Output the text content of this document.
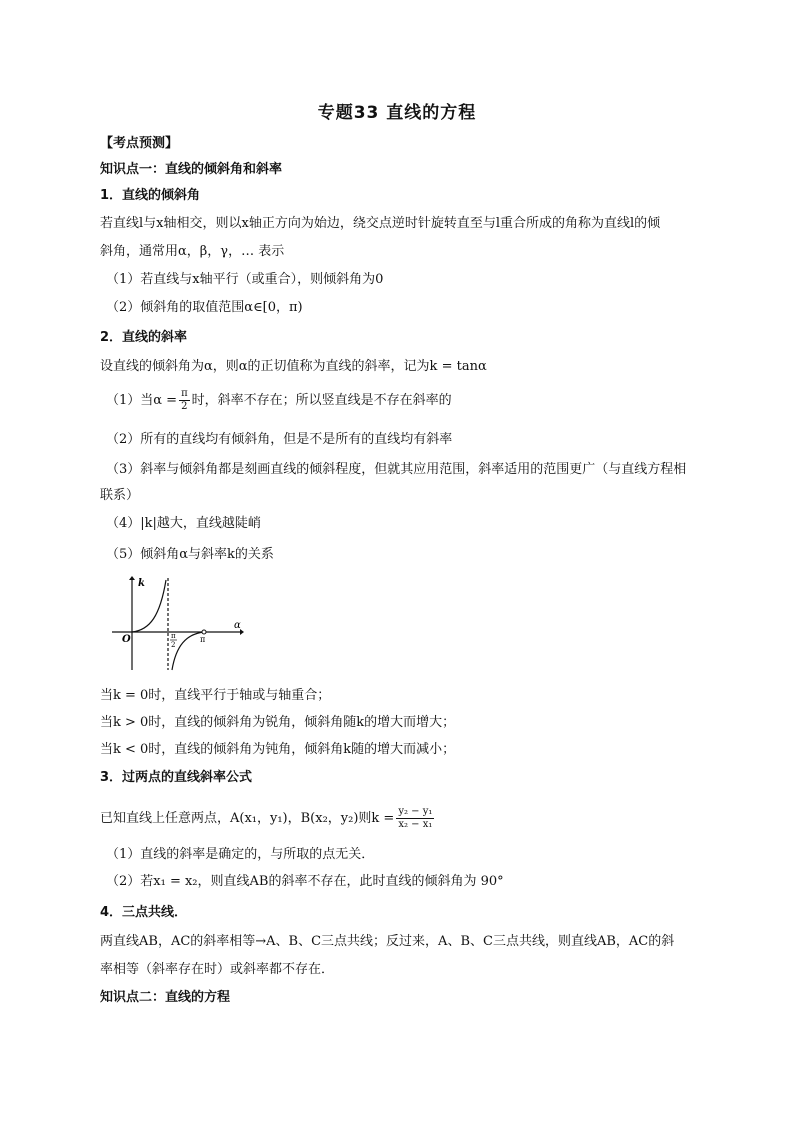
专题33 直线的方程
【考点预测】
知识点一：直线的倾斜角和斜率
1．直线的倾斜角
若直线l与x轴相交，则以x轴正方向为始边，绕交点逆时针旋转直至与l重合所成的角称为直线l的倾
斜角，通常用α，β，γ，… 表示
（1）若直线与x轴平行（或重合），则倾斜角为0
（2）倾斜角的取值范围α∈[0，π)
2．直线的斜率
设直线的倾斜角为α，则α的正切值称为直线的斜率，记为k = tanα
（1）当$\alpha = \frac{\pi}{2}$ 时，斜率不存在；所以竖直线是不存在斜率的
（2）所有的直线均有倾斜角，但是不是所有的直线均有斜率
（3）斜率与倾斜角都是刻画直线的倾斜程度，但就其应用范围，斜率适用的范围更广（与直线方程相
联系）
（4）|k|越大，直线越陡峭
（5）倾斜角α与斜率k的关系
k
α
O	π
2
π
当k = 0时，直线平行于轴或与轴重合；
当k > 0时，直线的倾斜角为锐角，倾斜角随k的增大而增大；
当k < 0时，直线的倾斜角为钝角，倾斜角k随的增大而减小；
3．过两点的直线斜率公式
已知直线上任意两点，A(x₁，y₁)，B(x₂，y₂)则$k = \frac{\text{y₂ − y₁}}{\text{x₂ − x₁}}$
（1）直线的斜率是确定的，与所取的点无关．
（2）若x₁ = x₂，则直线AB的斜率不存在，此时直线的倾斜角为 90°
4．三点共线．
两直线AB，AC的斜率相等→A、B、C三点共线；反过来，A、B、C三点共线，则直线AB，AC的斜
率相等（斜率存在时）或斜率都不存在．
知识点二：直线的方程
